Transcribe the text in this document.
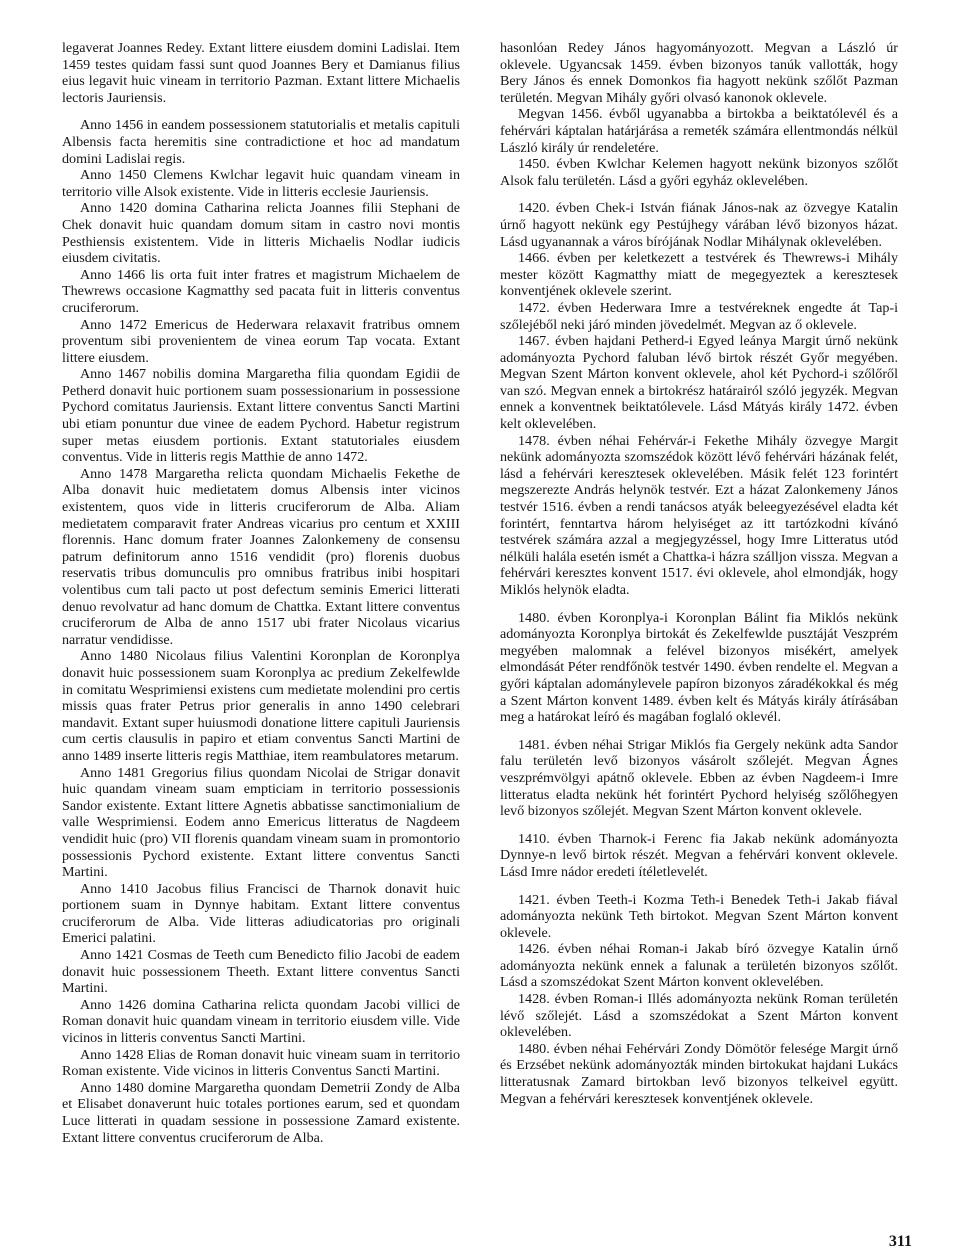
legaverat Joannes Redey. Extant littere eiusdem domini Ladislai. Item 1459 testes quidam fassi sunt quod Joannes Bery et Damianus filius eius legavit huic vineam in territorio Pazman. Extant littere Michaelis lectoris Jauriensis.

Anno 1456 in eandem possessionem statutorialis et metalis capituli Albensis facta heremitis sine contradictione et hoc ad mandatum domini Ladislai regis.

Anno 1450 Clemens Kwlchar legavit huic quandam vineam in territorio ville Alsok existente. Vide in litteris ecclesie Jauriensis.

Anno 1420 domina Catharina relicta Joannes filii Stephani de Chek donavit huic quandam domum sitam in castro novi montis Pesthiensis existentem. Vide in litteris Michaelis Nodlar iudicis eiusdem civitatis.

Anno 1466 lis orta fuit inter fratres et magistrum Michaelem de Thewrews occasione Kagmatthy sed pacata fuit in litteris conventus cruciferorum.

Anno 1472 Emericus de Hederwara relaxavit fratribus omnem proventum sibi provenientem de vinea eorum Tap vocata. Extant littere eiusdem.

Anno 1467 nobilis domina Margaretha filia quondam Egidii de Petherd donavit huic portionem suam possessionarium in possessione Pychord comitatus Jauriensis. Extant littere conventus Sancti Martini ubi etiam ponuntur due vinee de eadem Pychord. Habetur registrum super metas eiusdem portionis. Extant statutoriales eiusdem conventus. Vide in litteris regis Matthie de anno 1472.

Anno 1478 Margaretha relicta quondam Michaelis Fekethe de Alba donavit huic medietatem domus Albensis inter vicinos existentem, quos vide in litteris cruciferorum de Alba. Aliam medietatem comparavit frater Andreas vicarius pro centum et XXIII florennis. Hanc domum frater Joannes Zalonkemeny de consensu patrum definitorum anno 1516 vendidit (pro) florenis duobus reservatis tribus domunculis pro omnibus fratribus inibi hospitari volentibus cum tali pacto ut post defectum seminis Emerici litterati denuo revolvatur ad hanc domum de Chattka. Extant littere conventus cruciferorum de Alba de anno 1517 ubi frater Nicolaus vicarius narratur vendidisse.

Anno 1480 Nicolaus filius Valentini Koronplan de Koronplya donavit huic possessionem suam Koronplya ac predium Zekelfewlde in comitatu Wesprimiensi existens cum medietate molendini pro certis missis quas frater Petrus prior generalis in anno 1490 celebrari mandavit. Extant super huiusmodi donatione littere capituli Jauriensis cum certis clausulis in papiro et etiam conventus Sancti Martini de anno 1489 inserte litteris regis Matthiae, item reambulatores metarum.

Anno 1481 Gregorius filius quondam Nicolai de Strigar donavit huic quandam vineam suam empticiam in territorio possessionis Sandor existente. Extant littere Agnetis abbatisse sanctimonialium de valle Wesprimiensi. Eodem anno Emericus litteratus de Nagdeem vendidit huic (pro) VII florenis quandam vineam suam in promontorio possessionis Pychord existente. Extant littere conventus Sancti Martini.

Anno 1410 Jacobus filius Francisci de Tharnok donavit huic portionem suam in Dynnye habitam. Extant littere conventus cruciferorum de Alba. Vide litteras adiudicatorias pro originali Emerici palatini.

Anno 1421 Cosmas de Teeth cum Benedicto filio Jacobi de eadem donavit huic possessionem Theeth. Extant littere conventus Sancti Martini.

Anno 1426 domina Catharina relicta quondam Jacobi villici de Roman donavit huic quandam vineam in territorio eiusdem ville. Vide vicinos in litteris conventus Sancti Martini.

Anno 1428 Elias de Roman donavit huic vineam suam in territorio Roman existente. Vide vicinos in litteris Conventus Sancti Martini.

Anno 1480 domine Margaretha quondam Demetrii Zondy de Alba et Elisabet donaverunt huic totales portiones earum, sed et quondam Luce litterati in quadam sessione in possessione Zamard existente. Extant littere conventus cruciferorum de Alba.

hasonlóan Redey János hagyományozott. Megvan a László úr oklevele. Ugyancsak 1459. évben bizonyos tanúk vallották, hogy Bery János és ennek Domonkos fia hagyott nekünk szőlőt Pazman területén. Megvan Mihály győri olvasó kanonok oklevele.

Megvan 1456. évből ugyanabba a birtokba a beiktatólevél és a fehérvári káptalan határjárása a remeték számára ellentmondás nélkül László király úr rendeletére.

1450. évben Kwlchar Kelemen hagyott nekünk bizonyos szőlőt Alsok falu területén. Lásd a győri egyház oklevelében.

1420. évben Chek-i István fiának János-nak az özvegye Katalin úrnő hagyott nekünk egy Pestújhegy várában lévő bizonyos házat. Lásd ugyanannak a város bírójának Nodlar Mihálynak oklevelében.

1466. évben per keletkezett a testvérek és Thewrews-i Mihály mester között Kagmatthy miatt de megegyeztek a keresztesek konventjének oklevele szerint.

1472. évben Hederwara Imre a testvéreknek engedte át Tap-i szőlejéből neki járó minden jövedelmét. Megvan az ő oklevele.

1467. évben hajdani Petherd-i Egyed leánya Margit úrnő nekünk adományozta Pychord faluban lévő birtok részét Győr megyében. Megvan Szent Márton konvent oklevele, ahol két Pychord-i szőlőről van szó. Megvan ennek a birtokrész határairól szóló jegyzék. Megvan ennek a konventnek beiktatólevele. Lásd Mátyás király 1472. évben kelt oklevelében.

1478. évben néhai Fehérvár-i Fekethe Mihály özvegye Margit nekünk adományozta szomszédok között lévő fehérvári házának felét, lásd a fehérvári keresztesek oklevelében. Másik felét 123 forintért megszerezte András helynök testvér. Ezt a házat Zalonkemeny János testvér 1516. évben a rendi tanácsos atyák beleegyezésével eladta két forintért, fenntartva három helyiséget az itt tartózkodni kívánó testvérek számára azzal a megjegyzéssel, hogy Imre Litteratus utód nélküli halála esetén ismét a Chattka-i házra szálljon vissza. Megvan a fehérvári keresztes konvent 1517. évi oklevele, ahol elmondják, hogy Miklós helynök eladta.

1480. évben Koronplya-i Koronplan Bálint fia Miklós nekünk adományozta Koronplya birtokát és Zekelfewlde pusztáját Veszprém megyében malomnak a felével bizonyos misékért, amelyek elmondását Péter rendfőnök testvér 1490. évben rendelte el. Megvan a győri káptalan adománylevele papíron bizonyos záradékokkal és még a Szent Márton konvent 1489. évben kelt és Mátyás király átírásában meg a határokat leíró és magában foglaló oklevél.

1481. évben néhai Strigar Miklós fia Gergely nekünk adta Sandor falu területén levő bizonyos vásárolt szőlejét. Megvan Ágnes veszprémvölgyi apátnő oklevele. Ebben az évben Nagdeem-i Imre litteratus eladta nekünk hét forintért Pychord helyiség szőlőhegyen levő bizonyos szőlejét. Megvan Szent Márton konvent oklevele.

1410. évben Tharnok-i Ferenc fia Jakab nekünk adományozta Dynnye-n levő birtok részét. Megvan a fehérvári konvent oklevele. Lásd Imre nádor eredeti ítéletlevelét.

1421. évben Teeth-i Kozma Teth-i Benedek Teth-i Jakab fiával adományozta nekünk Teth birtokot. Megvan Szent Márton konvent oklevele.

1426. évben néhai Roman-i Jakab bíró özvegye Katalin úrnő adományozta nekünk ennek a falunak a területén bizonyos szőlőt. Lásd a szomszédokat Szent Márton konvent oklevelében.

1428. évben Roman-i Illés adományozta nekünk Roman területén lévő szőlejét. Lásd a szomszédokat a Szent Márton konvent oklevelében.

1480. évben néhai Fehérvári Zondy Dömötör felesége Margit úrnő és Erzsébet nekünk adományozták minden birtokukat hajdani Lukács litteratusnak Zamard birtokban levő bizonyos telkeivel együtt. Megvan a fehérvári keresztesek konventjének oklevele.

311
